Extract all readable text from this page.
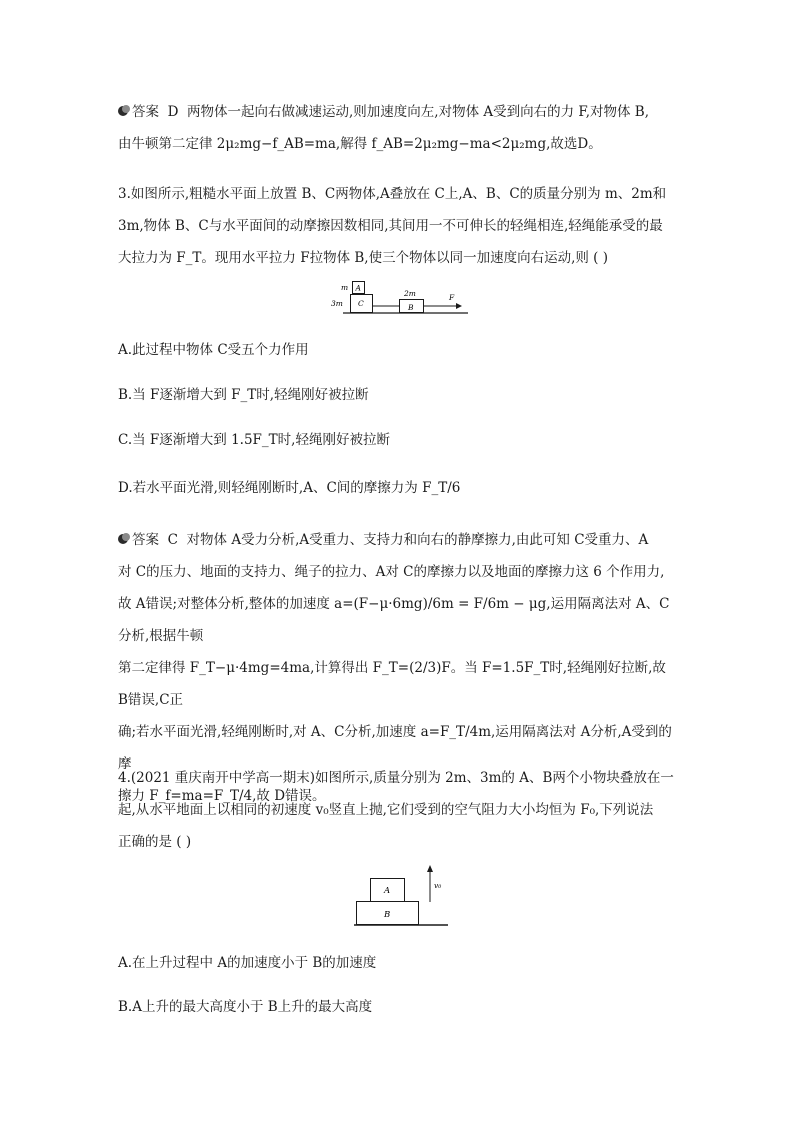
答案 D 两物体一起向右做减速运动,则加速度向左,对物体 A受到向右的力 F,对物体 B,
由牛顿第二定律 2μ₂mg−f_AB=ma,解得 f_AB=2μ₂mg−ma<2μ₂mg,故选D。
3.如图所示,粗糙水平面上放置 B、C两物体,A叠放在 C上,A、B、C的质量分别为 m、2m和
3m,物体 B、C与水平面间的动摩擦因数相同,其间用一不可伸长的轻绳相连,轻绳能承受的最
大拉力为 F_T。现用水平拉力 F拉物体 B,使三个物体以同一加速度向右运动,则 ( )
m A
3m C
2m
B
F
A.此过程中物体 C受五个力作用
B.当 F逐渐增大到 F_T时,轻绳刚好被拉断
C.当 F逐渐增大到 1.5F_T时,轻绳刚好被拉断
D.若水平面光滑,则轻绳刚断时,A、C间的摩擦力为 F_T/6
答案 C 对物体 A受力分析,A受重力、支持力和向右的静摩擦力,由此可知 C受重力、A
对 C的压力、地面的支持力、绳子的拉力、A对 C的摩擦力以及地面的摩擦力这 6 个作用力,
故 A错误;对整体分析,整体的加速度 a=(F−μ·6mg)/6m = F/6m − μg,运用隔离法对 A、C分析,根据牛顿
第二定律得 F_T−μ·4mg=4ma,计算得出 F_T=(2/3)F。当 F=1.5F_T时,轻绳刚好拉断,故 B错误,C正
确;若水平面光滑,轻绳刚断时,对 A、C分析,加速度 a=F_T/4m,运用隔离法对 A分析,A受到的摩
擦力 F_f=ma=F_T/4,故 D错误。
4.(2021 重庆南开中学高一期末)如图所示,质量分别为 2m、3m的 A、B两个小物块叠放在一
起,从水平地面上以相同的初速度 v₀竖直上抛,它们受到的空气阻力大小均恒为 F₀,下列说法
正确的是 ( )
A
B
v₀
A.在上升过程中 A的加速度小于 B的加速度
B.A上升的最大高度小于 B上升的最大高度
